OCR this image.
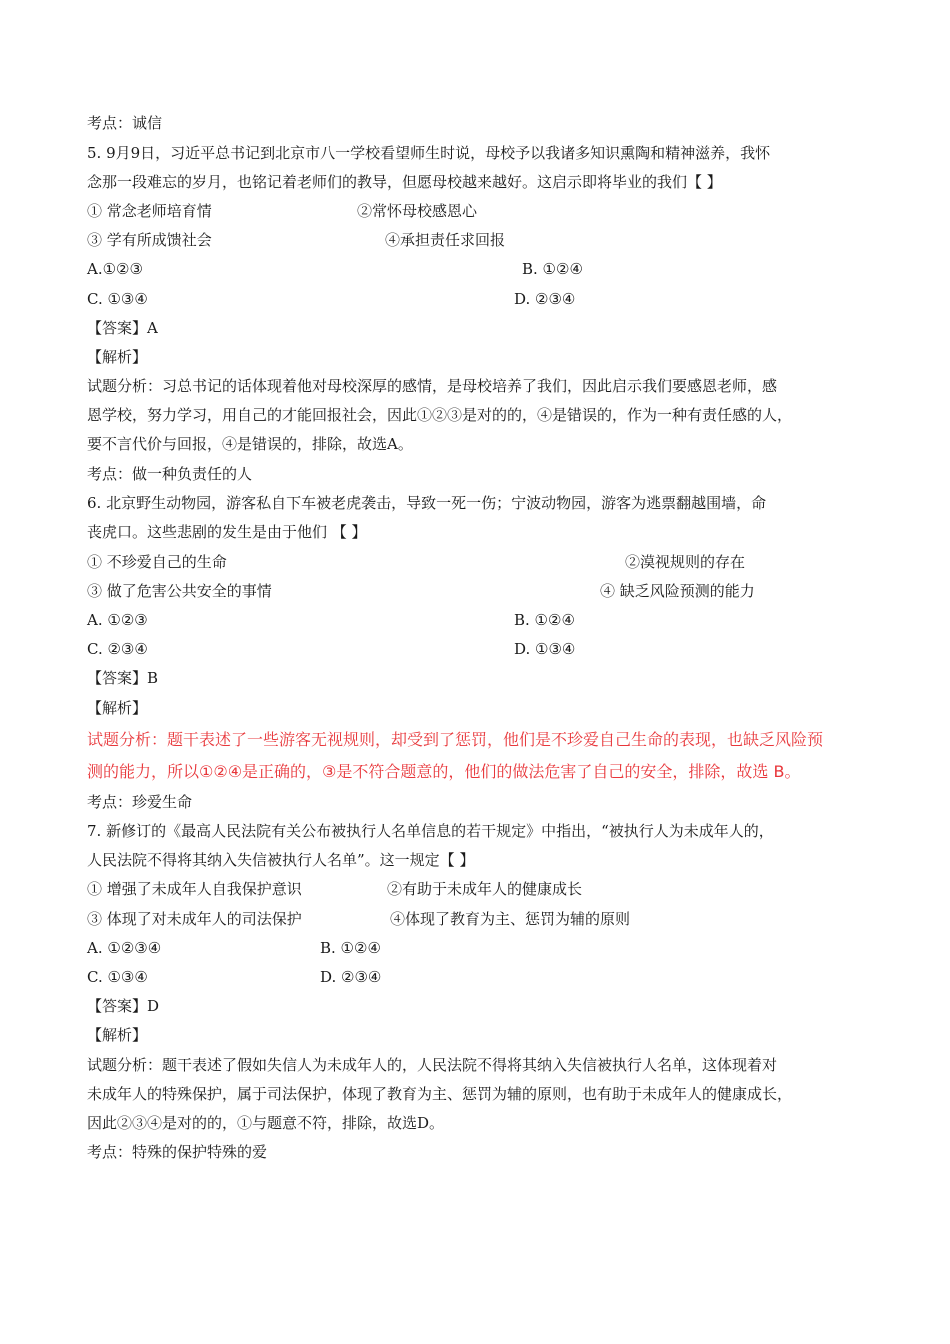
考点：诚信
5. 9月9日，习近平总书记到北京市八一学校看望师生时说，母校予以我诸多知识熏陶和精神滋养，我怀
念那一段难忘的岁月，也铭记着老师们的教导，但愿母校越来越好。这启示即将毕业的我们【 】
① 常念老师培育情	②常怀母校感恩心
③ 学有所成馈社会	④承担责任求回报
A.①②③	B. ①②④
C. ①③④	D. ②③④
【答案】A
【解析】
试题分析：习总书记的话体现着他对母校深厚的感情，是母校培养了我们，因此启示我们要感恩老师，感
恩学校，努力学习，用自己的才能回报社会，因此①②③是对的的，④是错误的，作为一种有责任感的人，
要不言代价与回报，④是错误的，排除，故选A。
考点：做一种负责任的人
6. 北京野生动物园，游客私自下车被老虎袭击，导致一死一伤；宁波动物园，游客为逃票翻越围墙，命
丧虎口。这些悲剧的发生是由于他们 【 】
① 不珍爱自己的生命	②漠视规则的存在
③ 做了危害公共安全的事情	④ 缺乏风险预测的能力
A. ①②③	B. ①②④
C. ②③④	D. ①③④
【答案】B
【解析】
试题分析：题干表述了一些游客无视规则，却受到了惩罚，他们是不珍爱自己生命的表现，也缺乏风险预
测的能力，所以①②④是正确的，③是不符合题意的，他们的做法危害了自己的安全，排除，故选 B。
考点：珍爱生命
7. 新修订的《最高人民法院有关公布被执行人名单信息的若干规定》中指出，“被执行人为未成年人的，
人民法院不得将其纳入失信被执行人名单”。这一规定【 】
① 增强了未成年人自我保护意识	②有助于未成年人的健康成长
③ 体现了对未成年人的司法保护	④体现了教育为主、惩罚为辅的原则
A. ①②③④	B. ①②④
C. ①③④	D. ②③④
【答案】D
【解析】
试题分析：题干表述了假如失信人为未成年人的，人民法院不得将其纳入失信被执行人名单，这体现着对
未成年人的特殊保护，属于司法保护，体现了教育为主、惩罚为辅的原则，也有助于未成年人的健康成长，
因此②③④是对的的，①与题意不符，排除，故选D。
考点：特殊的保护特殊的爱
